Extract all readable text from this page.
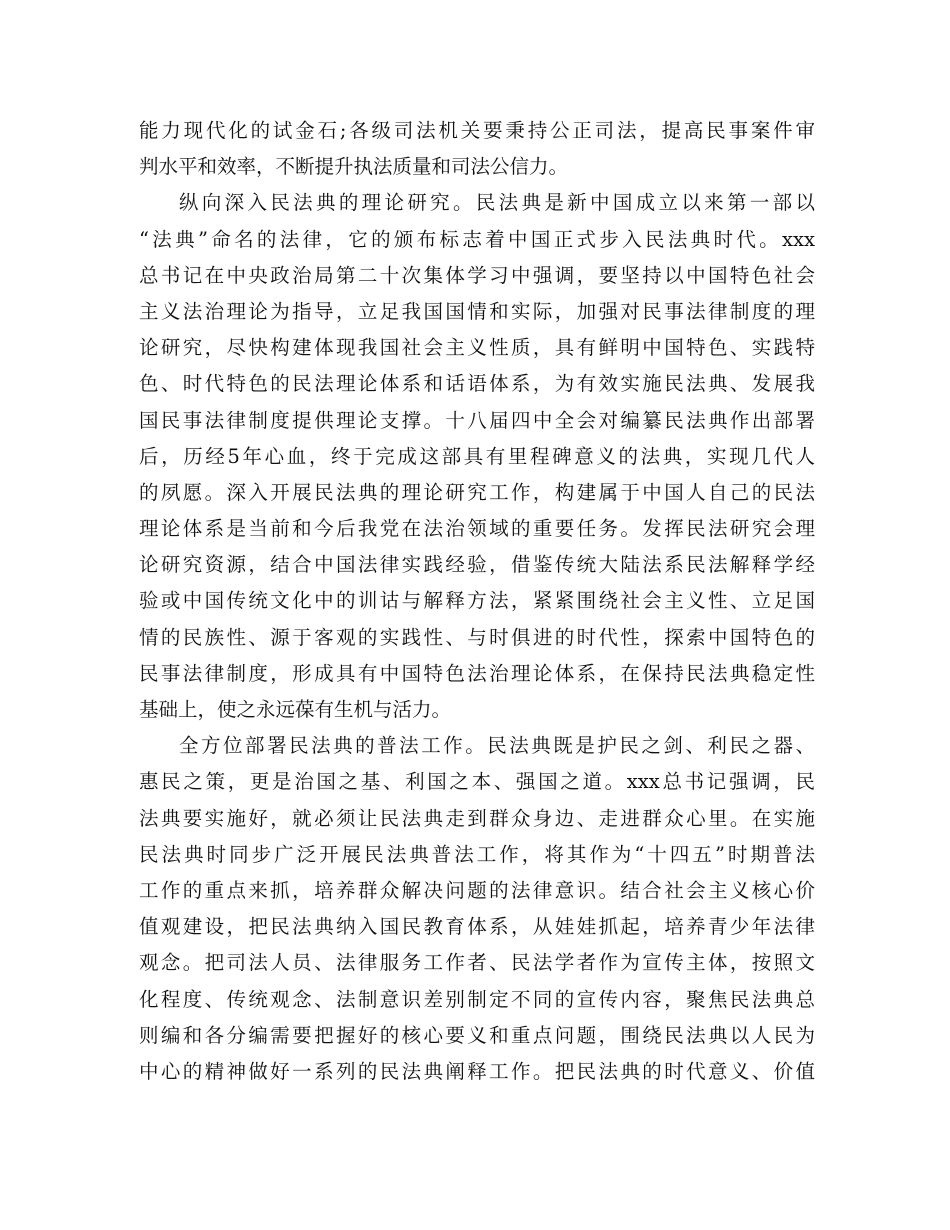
能力现代化的试金石;各级司法机关要秉持公正司法，提高民事案件审
判水平和效率，不断提升执法质量和司法公信力。
纵向深入民法典的理论研究。民法典是新中国成立以来第一部以
“法典”命名的法律，它的颁布标志着中国正式步入民法典时代。xxx
总书记在中央政治局第二十次集体学习中强调，要坚持以中国特色社会
主义法治理论为指导，立足我国国情和实际，加强对民事法律制度的理
论研究，尽快构建体现我国社会主义性质，具有鲜明中国特色、实践特
色、时代特色的民法理论体系和话语体系，为有效实施民法典、发展我
国民事法律制度提供理论支撑。十八届四中全会对编纂民法典作出部署
后，历经5年心血，终于完成这部具有里程碑意义的法典，实现几代人
的夙愿。深入开展民法典的理论研究工作，构建属于中国人自己的民法
理论体系是当前和今后我党在法治领域的重要任务。发挥民法研究会理
论研究资源，结合中国法律实践经验，借鉴传统大陆法系民法解释学经
验或中国传统文化中的训诂与解释方法，紧紧围绕社会主义性、立足国
情的民族性、源于客观的实践性、与时俱进的时代性，探索中国特色的
民事法律制度，形成具有中国特色法治理论体系，在保持民法典稳定性
基础上，使之永远葆有生机与活力。
全方位部署民法典的普法工作。民法典既是护民之剑、利民之器、
惠民之策，更是治国之基、利国之本、强国之道。xxx总书记强调，民
法典要实施好，就必须让民法典走到群众身边、走进群众心里。在实施
民法典时同步广泛开展民法典普法工作，将其作为“十四五”时期普法
工作的重点来抓，培养群众解决问题的法律意识。结合社会主义核心价
值观建设，把民法典纳入国民教育体系，从娃娃抓起，培养青少年法律
观念。把司法人员、法律服务工作者、民法学者作为宣传主体，按照文
化程度、传统观念、法制意识差别制定不同的宣传内容，聚焦民法典总
则编和各分编需要把握好的核心要义和重点问题，围绕民法典以人民为
中心的精神做好一系列的民法典阐释工作。把民法典的时代意义、价值
